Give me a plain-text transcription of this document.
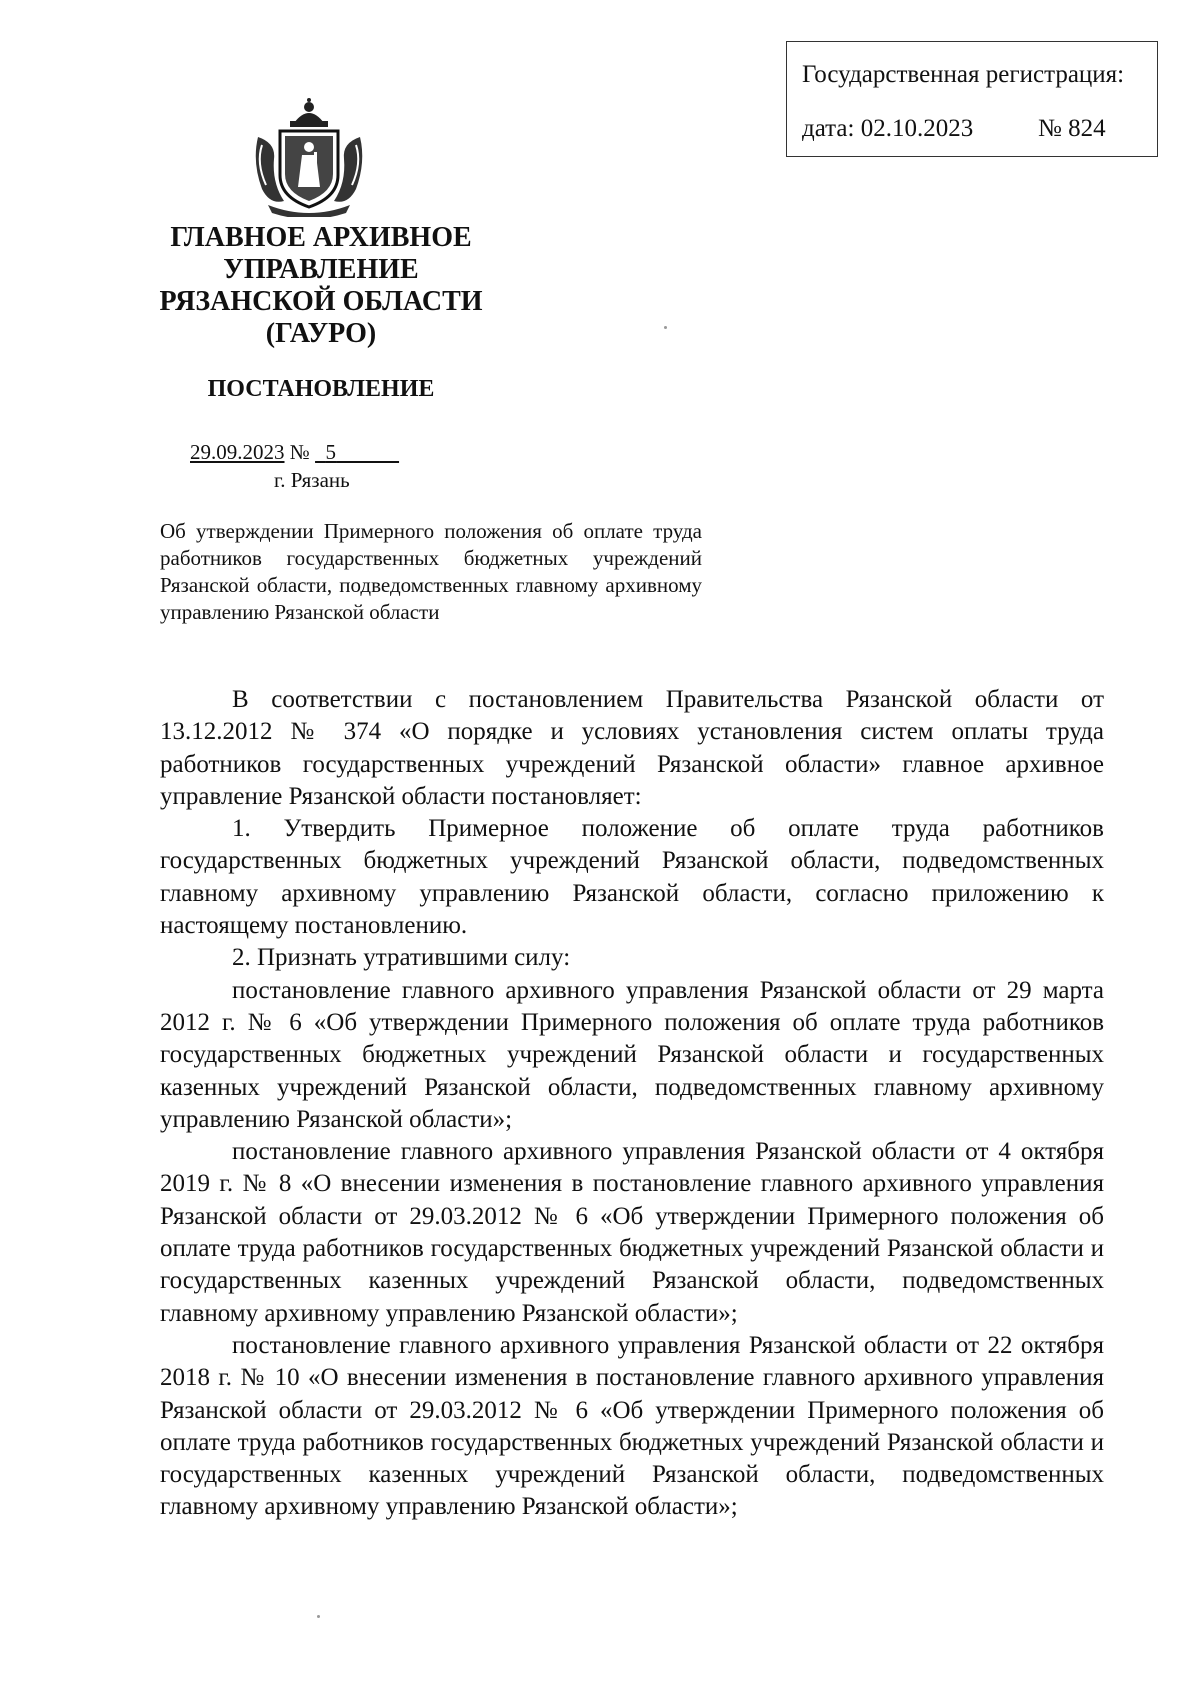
Государственная регистрация:
дата: 02.10.2023	№ 824
ГЛАВНОЕ АРХИВНОЕ
УПРАВЛЕНИЕ
РЯЗАНСКОЙ ОБЛАСТИ
(ГАУРО)
ПОСТАНОВЛЕНИЕ
29.09.2023 № 5
г. Рязань
Об утверждении Примерного положения об оплате труда работников государственных бюджетных учреждений Рязанской области, подведомственных главному архивному управлению Рязанской области

В соответствии с постановлением Правительства Рязанской области от 13.12.2012 № 374 «О порядке и условиях установления систем оплаты труда работников государственных учреждений Рязанской области» главное архивное управление Рязанской области постановляет:

1. Утвердить Примерное положение об оплате труда работников государственных бюджетных учреждений Рязанской области, подведомственных главному архивному управлению Рязанской области, согласно приложению к настоящему постановлению.

2. Признать утратившими силу:

постановление главного архивного управления Рязанской области от 29 марта 2012 г. № 6 «Об утверждении Примерного положения об оплате труда работников государственных бюджетных учреждений Рязанской области и государственных казенных учреждений Рязанской области, подведомственных главному архивному управлению Рязанской области»;

постановление главного архивного управления Рязанской области от 4 октября 2019 г. № 8 «О внесении изменения в постановление главного архивного управления Рязанской области от 29.03.2012 № 6 «Об утверждении Примерного положения об оплате труда работников государственных бюджетных учреждений Рязанской области и государственных казенных учреждений Рязанской области, подведомственных главному архивному управлению Рязанской области»;

постановление главного архивного управления Рязанской области от 22 октября 2018 г. № 10 «О внесении изменения в постановление главного архивного управления Рязанской области от 29.03.2012 № 6 «Об утверждении Примерного положения об оплате труда работников государственных бюджетных учреждений Рязанской области и государственных казенных учреждений Рязанской области, подведомственных главному архивному управлению Рязанской области»;
